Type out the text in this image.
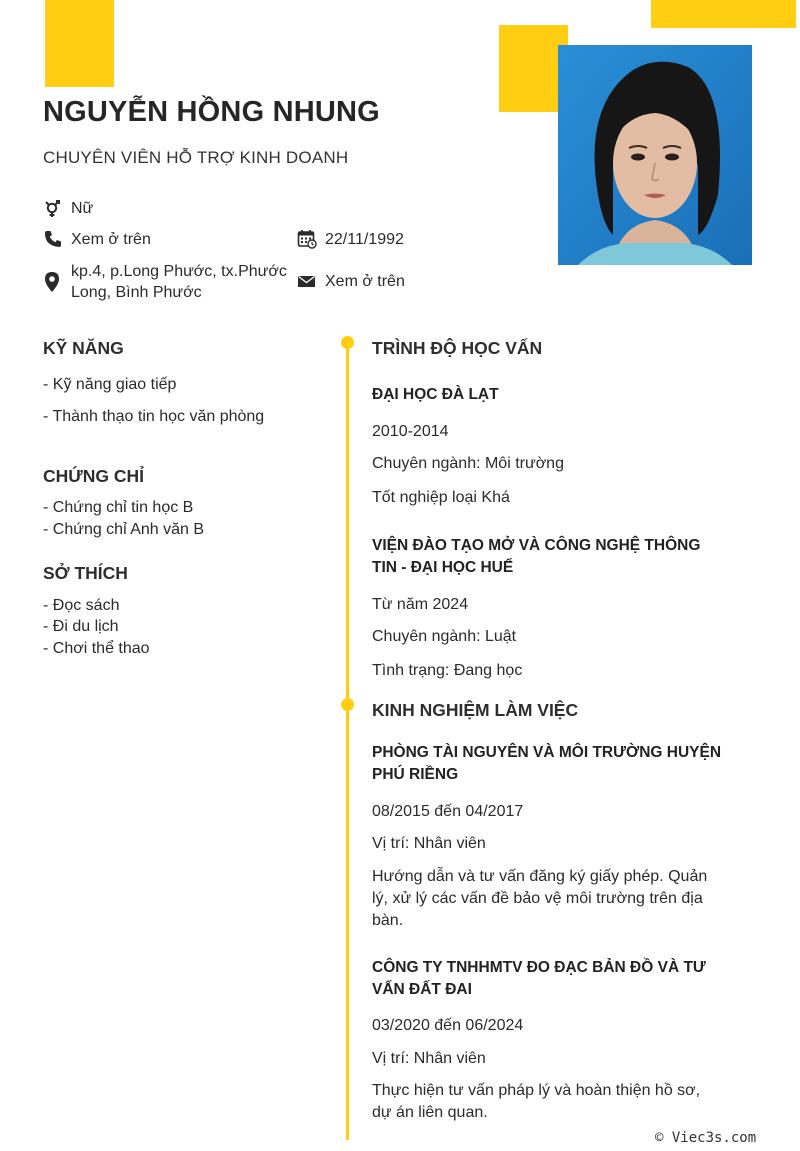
NGUYỄN HỒNG NHUNG
CHUYÊN VIÊN HỖ TRỢ KINH DOANH
Nữ
Xem ở trên	22/11/1992
kp.4, p.Long Phước, tx.Phước
Long, Bình Phước
Xem ở trên
KỸ NĂNG
- Kỹ năng giao tiếp
- Thành thạo tin học văn phòng
CHỨNG CHỈ
- Chứng chỉ tin học B
- Chứng chỉ Anh văn B
SỞ THÍCH
- Đọc sách
- Đi du lịch
- Chơi thể thao
TRÌNH ĐỘ HỌC VẤN
ĐẠI HỌC ĐÀ LẠT
2010-2014
Chuyên ngành: Môi trường
Tốt nghiệp loại Khá
VIỆN ĐÀO TẠO MỞ VÀ CÔNG NGHỆ THÔNG TIN - ĐẠI HỌC HUẾ
Từ năm 2024
Chuyên ngành: Luật
Tình trạng: Đang học
KINH NGHIỆM LÀM VIỆC
PHÒNG TÀI NGUYÊN VÀ MÔI TRƯỜNG HUYỆN PHÚ RIỀNG
08/2015 đến 04/2017
Vị trí: Nhân viên
Hướng dẫn và tư vấn đăng ký giấy phép. Quản lý, xử lý các vấn đề bảo vệ môi trường trên địa bàn.
CÔNG TY TNHHMTV ĐO ĐẠC BẢN ĐỒ VÀ TƯ VẤN ĐẤT ĐAI
03/2020 đến 06/2024
Vị trí: Nhân viên
Thực hiện tư vấn pháp lý và hoàn thiện hồ sơ, dự án liên quan.
© Viec3s.com
